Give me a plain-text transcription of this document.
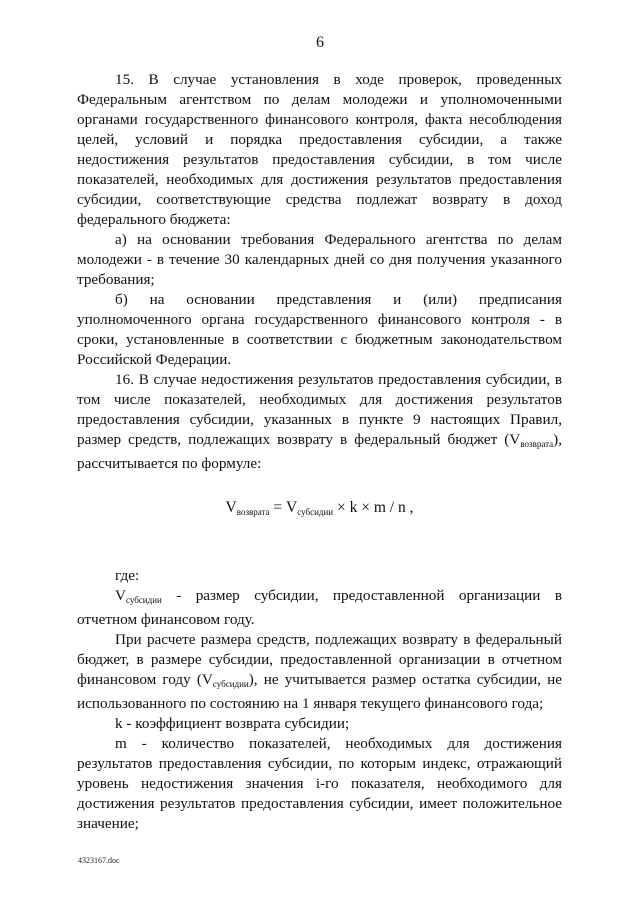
6

15. В случае установления в ходе проверок, проведенных Федеральным агентством по делам молодежи и уполномоченными органами государственного финансового контроля, факта несоблюдения целей, условий и порядка предоставления субсидии, а также недостижения результатов предоставления субсидии, в том числе показателей, необходимых для достижения результатов предоставления субсидии, соответствующие средства подлежат возврату в доход федерального бюджета:

а) на основании требования Федерального агентства по делам молодежи - в течение 30 календарных дней со дня получения указанного требования;

б) на основании представления и (или) предписания уполномоченного органа государственного финансового контроля - в сроки, установленные в соответствии с бюджетным законодательством Российской Федерации.

16. В случае недостижения результатов предоставления субсидии, в том числе показателей, необходимых для достижения результатов предоставления субсидии, указанных в пункте 9 настоящих Правил, размер средств, подлежащих возврату в федеральный бюджет $(V_{возврата})$, рассчитывается по формуле:

$V_{возврата} = V_{субсидии} \times k \times m / n$ ,

где:

$V_{субсидии}$ - размер субсидии, предоставленной организации в отчетном финансовом году.

При расчете размера средств, подлежащих возврату в федеральный бюджет, в размере субсидии, предоставленной организации в отчетном финансовом году $(V_{субсидии})$, не учитывается размер остатка субсидии, не использованного по состоянию на 1 января текущего финансового года;

k - коэффициент возврата субсидии;

m - количество показателей, необходимых для достижения результатов предоставления субсидии, по которым индекс, отражающий уровень недостижения значения i-го показателя, необходимого для достижения результатов предоставления субсидии, имеет положительное значение;

4323167.doc
